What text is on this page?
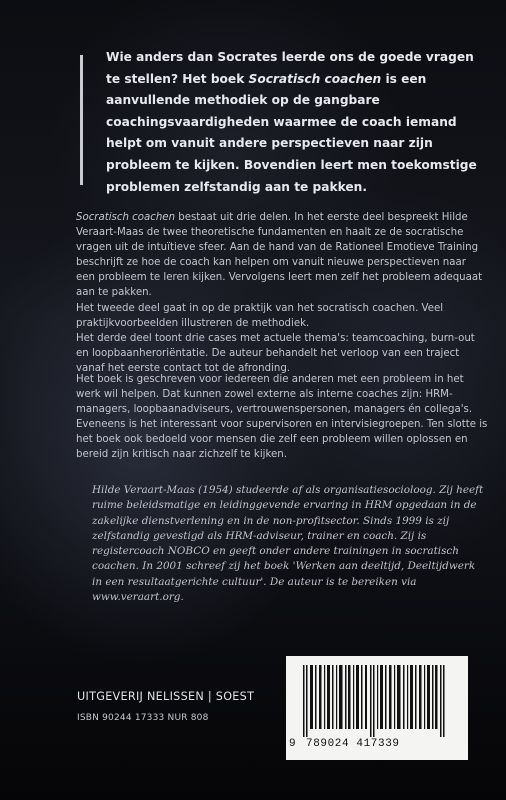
Wie anders dan Socrates leerde ons de goede vragen te stellen? Het boek Socratisch coachen is een aanvullende methodiek op de gangbare coachingsvaardigheden waarmee de coach iemand helpt om vanuit andere perspectieven naar zijn probleem te kijken. Bovendien leert men toekomstige problemen zelfstandig aan te pakken.

Socratisch coachen bestaat uit drie delen. In het eerste deel bespreekt Hilde Veraart-Maas de twee theoretische fundamenten en haalt ze de socratische vragen uit de intuïtieve sfeer. Aan de hand van de Rationeel Emotieve Training beschrijft ze hoe de coach kan helpen om vanuit nieuwe perspectieven naar een probleem te leren kijken. Vervolgens leert men zelf het probleem adequaat aan te pakken.

Het tweede deel gaat in op de praktijk van het socratisch coachen. Veel praktijkvoorbeelden illustreren de methodiek.

Het derde deel toont drie cases met actuele thema's: teamcoaching, burn-out en loopbaanheroriëntatie. De auteur behandelt het verloop van een traject vanaf het eerste contact tot de afronding.

Het boek is geschreven voor iedereen die anderen met een probleem in het werk wil helpen. Dat kunnen zowel externe als interne coaches zijn: HRM-managers, loopbaanadviseurs, vertrouwenspersonen, managers én collega's. Eveneens is het interessant voor supervisoren en intervisiegroepen. Ten slotte is het boek ook bedoeld voor mensen die zelf een probleem willen oplossen en bereid zijn kritisch naar zichzelf te kijken.

Hilde Veraart-Maas (1954) studeerde af als organisatiesocioloog. Zij heeft ruime beleidsmatige en leidinggevende ervaring in HRM opgedaan in de zakelijke dienstverlening en in de non-profitsector. Sinds 1999 is zij zelfstandig gevestigd als HRM-adviseur, trainer en coach. Zij is registercoach NOBCO en geeft onder andere trainingen in socratisch coachen. In 2001 schreef zij het boek 'Werken aan deeltijd, Deeltijdwerk in een resultaatgerichte cultuur'. De auteur is te bereiken via www.veraart.org.

UITGEVERIJ NELISSEN | SOEST
ISBN 90244 17333 NUR 808
9 789024 417339
